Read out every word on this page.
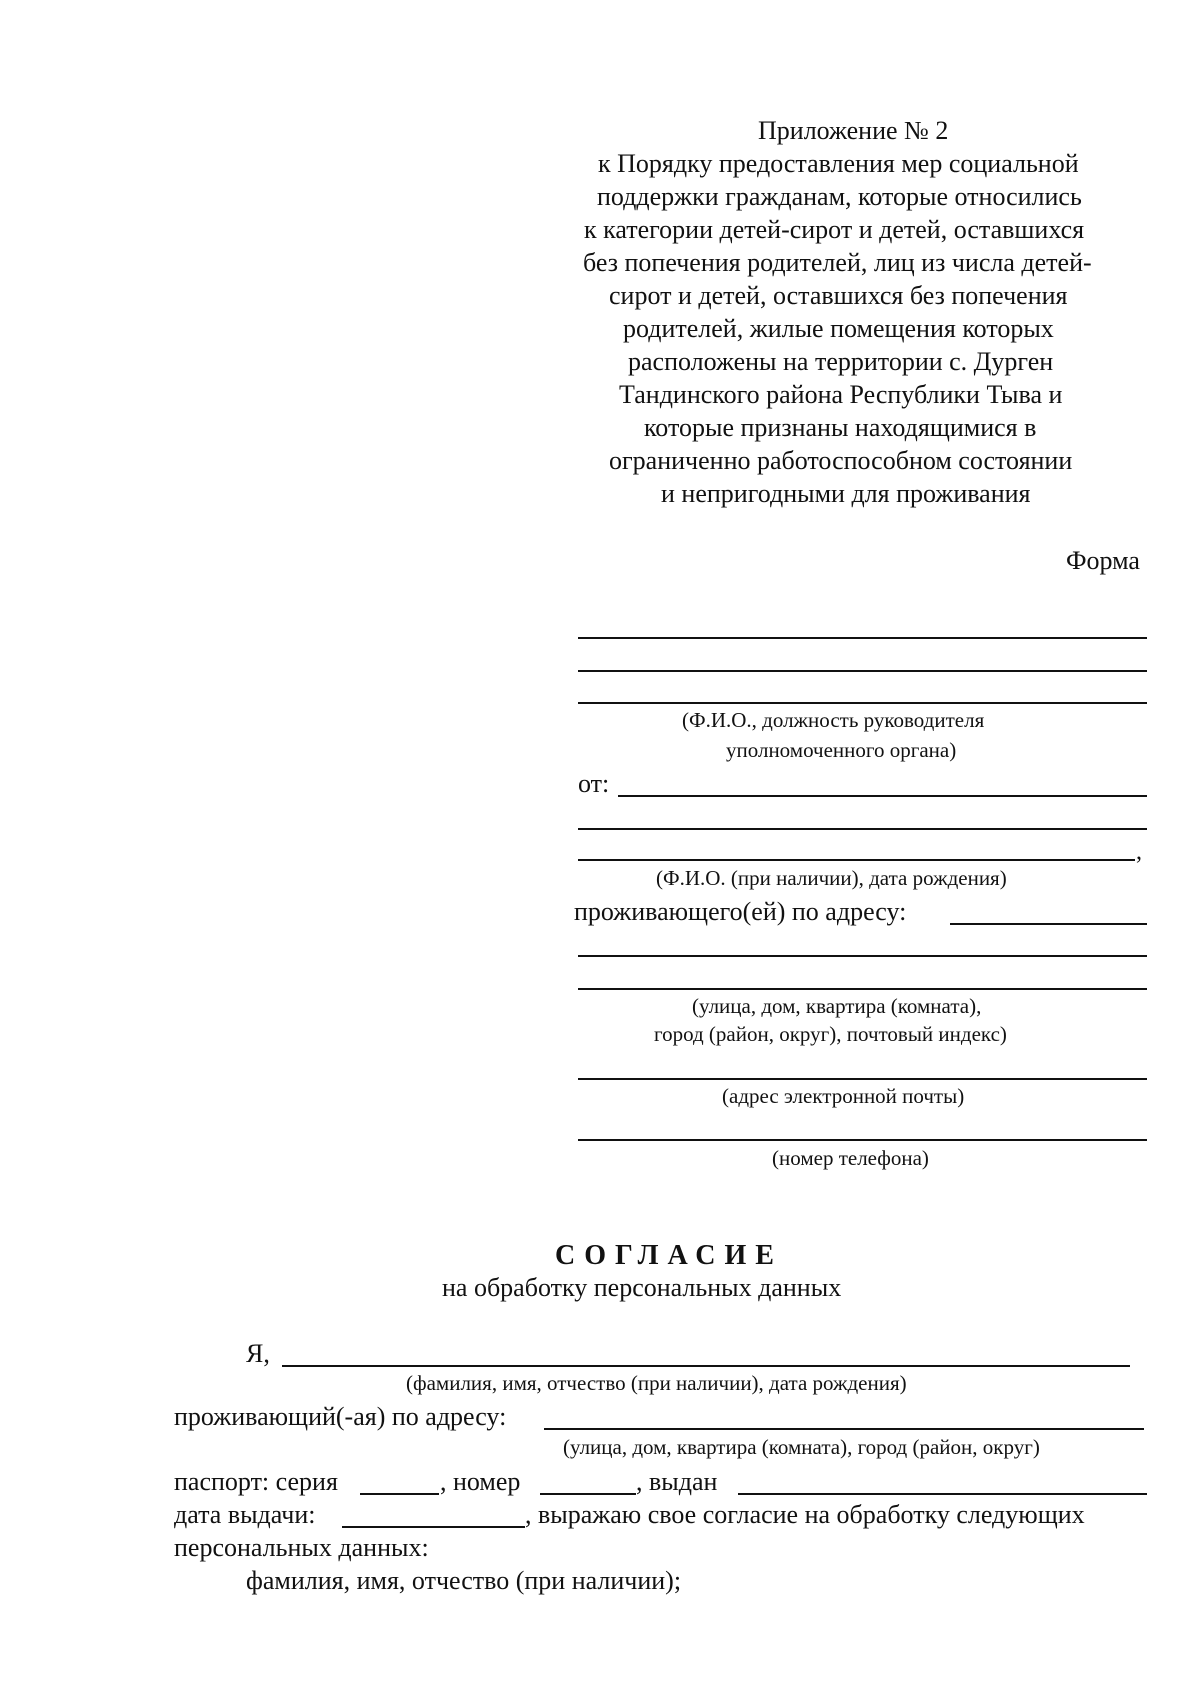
Приложение № 2
к Порядку предоставления мер социальной
поддержки гражданам, которые относились
к категории детей-сирот и детей, оставшихся
без попечения родителей, лиц из числа детей-
сирот и детей, оставшихся без попечения
родителей, жилые помещения которых
расположены на территории с. Дурген
Тандинского района Республики Тыва и
которые признаны находящимися в
ограниченно работоспособном состоянии
и непригодными для проживания
Форма
(Ф.И.О., должность руководителя
уполномоченного органа)
от:
,
(Ф.И.О. (при наличии), дата рождения)
проживающего(ей) по адресу:
(улица, дом, квартира (комната),
город (район, округ), почтовый индекс)
(адрес электронной почты)
(номер телефона)
СОГЛАСИЕ
на обработку персональных данных
Я,
(фамилия, имя, отчество (при наличии), дата рождения)
проживающий(-ая) по адресу:
(улица, дом, квартира (комната), город (район, округ)
паспорт: серия	, номер	, выдан
дата выдачи:	, выражаю свое согласие на обработку следующих
персональных данных:
фамилия, имя, отчество (при наличии);
